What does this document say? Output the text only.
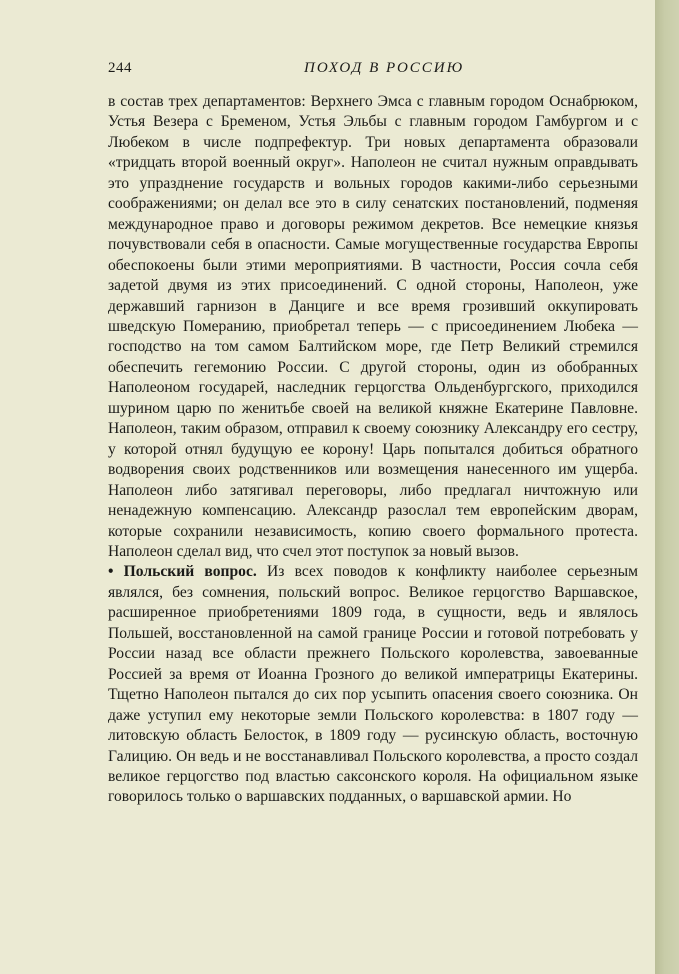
244	ПОХОД В РОССИЮ

в состав трех департаментов: Верхнего Эмса с главным городом Оснабрюком, Устья Везера с Бременом, Устья Эльбы с главным городом Гамбургом и с Любеком в числе подпрефектур. Три новых департамента образовали «тридцать второй военный округ». Наполеон не считал нужным оправдывать это упразднение государств и вольных городов какими-либо серьезными соображениями; он делал все это в силу сенатских постановлений, подменяя международное право и договоры режимом декретов. Все немецкие князья почувствовали себя в опасности. Самые могущественные государства Европы обеспокоены были этими мероприятиями. В частности, Россия сочла себя задетой двумя из этих присоединений. С одной стороны, Наполеон, уже державший гарнизон в Данциге и все время грозивший оккупировать шведскую Померанию, приобретал теперь — с присоединением Любека — господство на том самом Балтийском море, где Петр Великий стремился обеспечить гегемонию России. С другой стороны, один из обобранных Наполеоном государей, наследник герцогства Ольденбургского, приходился шурином царю по женитьбе своей на великой княжне Екатерине Павловне. Наполеон, таким образом, отправил к своему союзнику Александру его сестру, у которой отнял будущую ее корону! Царь попытался добиться обратного водворения своих родственников или возмещения нанесенного им ущерба. Наполеон либо затягивал переговоры, либо предлагал ничтожную или ненадежную компенсацию. Александр разослал тем европейским дворам, которые сохранили независимость, копию своего формального протеста. Наполеон сделал вид, что счел этот поступок за новый вызов.

• Польский вопрос. Из всех поводов к конфликту наиболее серьезным являлся, без сомнения, польский вопрос. Великое герцогство Варшавское, расширенное приобретениями 1809 года, в сущности, ведь и являлось Польшей, восстановленной на самой границе России и готовой потребовать у России назад все области прежнего Польского королевства, завоеванные Россией за время от Иоанна Грозного до великой императрицы Екатерины. Тщетно Наполеон пытался до сих пор усыпить опасения своего союзника. Он даже уступил ему некоторые земли Польского королевства: в 1807 году — литовскую область Белосток, в 1809 году — русинскую область, восточную Галицию. Он ведь и не восстанавливал Польского королевства, а просто создал великое герцогство под властью саксонского короля. На официальном языке говорилось только о варшавских подданных, о варшавской армии. Но
